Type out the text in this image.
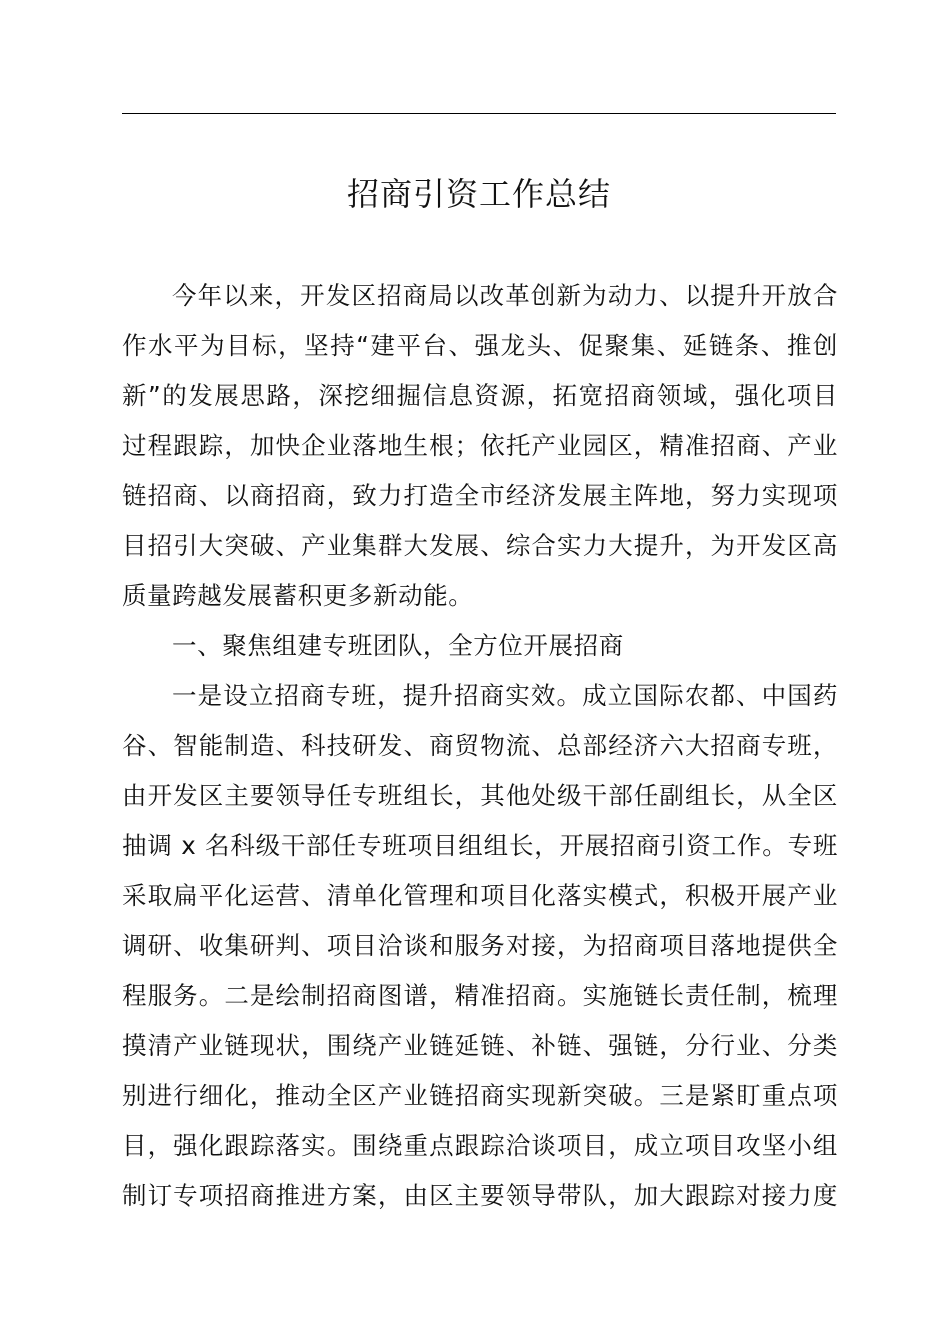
招商引资工作总结
今年以来，开发区招商局以改革创新为动力、以提升开放合
作水平为目标，坚持“建平台、强龙头、促聚集、延链条、推创
新”的发展思路，深挖细掘信息资源，拓宽招商领域，强化项目
过程跟踪，加快企业落地生根；依托产业园区，精准招商、产业
链招商、以商招商，致力打造全市经济发展主阵地，努力实现项
目招引大突破、产业集群大发展、综合实力大提升，为开发区高
质量跨越发展蓄积更多新动能。
一、聚焦组建专班团队，全方位开展招商
一是设立招商专班，提升招商实效。成立国际农都、中国药
谷、智能制造、科技研发、商贸物流、总部经济六大招商专班，
由开发区主要领导任专班组长，其他处级干部任副组长，从全区
抽调 x 名科级干部任专班项目组组长，开展招商引资工作。专班
采取扁平化运营、清单化管理和项目化落实模式，积极开展产业
调研、收集研判、项目洽谈和服务对接，为招商项目落地提供全
程服务。二是绘制招商图谱，精准招商。实施链长责任制，梳理
摸清产业链现状，围绕产业链延链、补链、强链，分行业、分类
别进行细化，推动全区产业链招商实现新突破。三是紧盯重点项
目，强化跟踪落实。围绕重点跟踪洽谈项目，成立项目攻坚小组
制订专项招商推进方案，由区主要领导带队，加大跟踪对接力度
